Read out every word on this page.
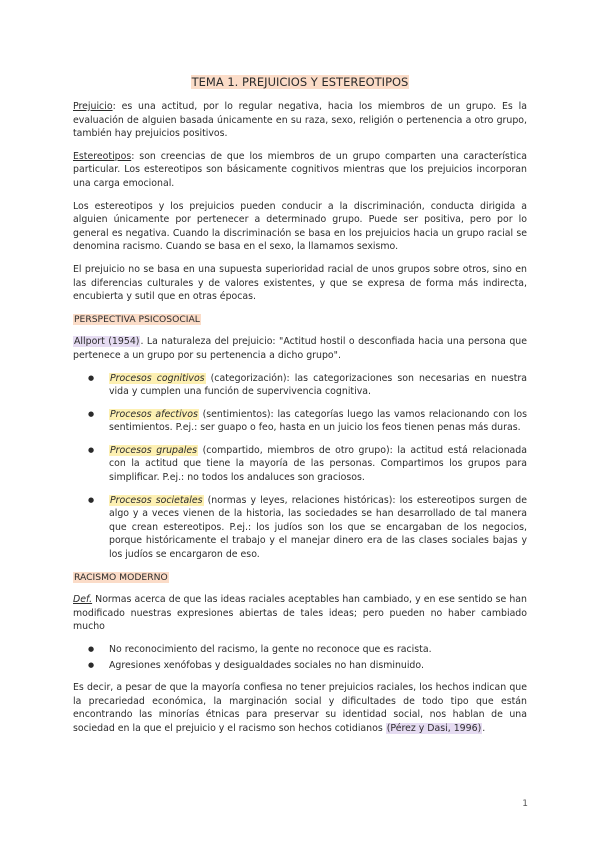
TEMA 1. PREJUICIOS Y ESTEREOTIPOS

Prejuicio: es una actitud, por lo regular negativa, hacia los miembros de un grupo. Es la evaluación de alguien basada únicamente en su raza, sexo, religión o pertenencia a otro grupo, también hay prejuicios positivos.

Estereotipos: son creencias de que los miembros de un grupo comparten una característica particular. Los estereotipos son básicamente cognitivos mientras que los prejuicios incorporan una carga emocional.

Los estereotipos y los prejuicios pueden conducir a la discriminación, conducta dirigida a alguien únicamente por pertenecer a determinado grupo. Puede ser positiva, pero por lo general es negativa. Cuando la discriminación se basa en los prejuicios hacia un grupo racial se denomina racismo. Cuando se basa en el sexo, la llamamos sexismo.

El prejuicio no se basa en una supuesta superioridad racial de unos grupos sobre otros, sino en las diferencias culturales y de valores existentes, y que se expresa de forma más indirecta, encubierta y sutil que en otras épocas.

PERSPECTIVA PSICOSOCIAL

Allport (1954). La naturaleza del prejuicio: "Actitud hostil o desconfiada hacia una persona que pertenece a un grupo por su pertenencia a dicho grupo".

● Procesos cognitivos (categorización): las categorizaciones son necesarias en nuestra vida y cumplen una función de supervivencia cognitiva.
● Procesos afectivos (sentimientos): las categorías luego las vamos relacionando con los sentimientos. P.ej.: ser guapo o feo, hasta en un juicio los feos tienen penas más duras.
● Procesos grupales (compartido, miembros de otro grupo): la actitud está relacionada con la actitud que tiene la mayoría de las personas. Compartimos los grupos para simplificar. P.ej.: no todos los andaluces son graciosos.
● Procesos societales (normas y leyes, relaciones históricas): los estereotipos surgen de algo y a veces vienen de la historia, las sociedades se han desarrollado de tal manera que crean estereotipos. P.ej.: los judíos son los que se encargaban de los negocios, porque históricamente el trabajo y el manejar dinero era de las clases sociales bajas y los judíos se encargaron de eso.
RACISMO MODERNO

Def. Normas acerca de que las ideas raciales aceptables han cambiado, y en ese sentido se han modificado nuestras expresiones abiertas de tales ideas; pero pueden no haber cambiado mucho

● No reconocimiento del racismo, la gente no reconoce que es racista.
● Agresiones xenófobas y desigualdades sociales no han disminuido.

Es decir, a pesar de que la mayoría confiesa no tener prejuicios raciales, los hechos indican que la precariedad económica, la marginación social y dificultades de todo tipo que están encontrando las minorías étnicas para preservar su identidad social, nos hablan de una sociedad en la que el prejuicio y el racismo son hechos cotidianos (Pérez y Dasi, 1996).

1
